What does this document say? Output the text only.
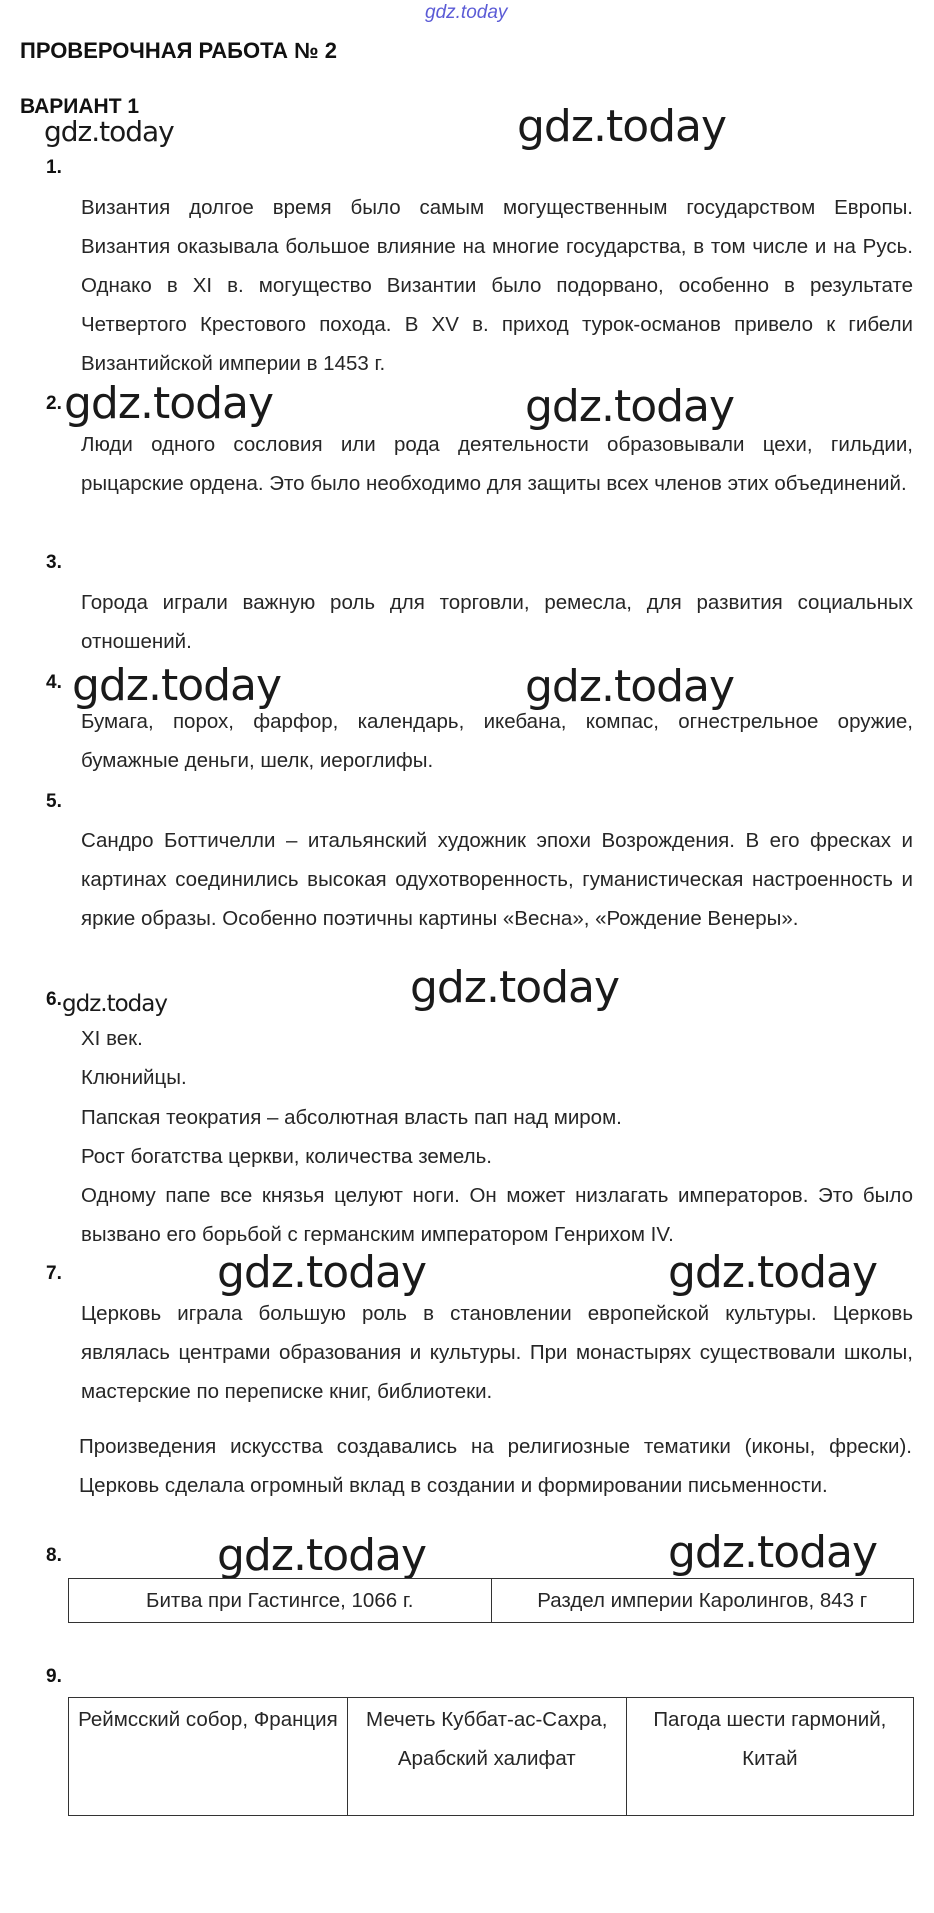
gdz.today
ПРОВЕРОЧНАЯ РАБОТА № 2
ВАРИАНТ 1
gdz.today	gdz.today
gdz.today	gdz.today
gdz.today	gdz.today
gdz.today	gdz.today
gdz.today	gdz.today
gdz.today	gdz.today
1.
Византия долгое время было самым могущественным государством Европы. Византия оказывала большое влияние на многие государства, в том числе и на Русь. Однако в XI в. могущество Византии было подорвано, особенно в результате Четвертого Крестового похода. В XV в. приход турок-османов привело к гибели Византийской империи в 1453 г.
2.
Люди одного сословия или рода деятельности образовывали цехи, гильдии, рыцарские ордена. Это было необходимо для защиты всех членов этих объединений.
3.
Города играли важную роль для торговли, ремесла, для развития социальных отношений.
4.
Бумага, порох, фарфор, календарь, икебана, компас, огнестрельное оружие, бумажные деньги, шелк, иероглифы.
5.
Сандро Боттичелли – итальянский художник эпохи Возрождения. В его фресках и картинах соединились высокая одухотворенность, гуманистическая настроенность и яркие образы. Особенно поэтичны картины «Весна», «Рождение Венеры».
6.
XI век.
Клюнийцы.
Папская теократия – абсолютная власть пап над миром.
Рост богатства церкви, количества земель.
Одному папе все князья целуют ноги. Он может низлагать императоров. Это было вызвано его борьбой с германским императором Генрихом IV.
7.
Церковь играла большую роль в становлении европейской культуры. Церковь являлась центрами образования и культуры. При монастырях существовали школы, мастерские по переписке книг, библиотеки.
Произведения искусства создавались на религиозные тематики (иконы, фрески). Церковь сделала огромный вклад в создании и формировании письменности.
8.
Битва при Гастингсе, 1066 г.	Раздел империи Каролингов, 843 г
9.
Реймсский собор, Франция	Мечеть Куббат-ас-Сахра, Арабский халифат	Пагода шести гармоний, Китай
